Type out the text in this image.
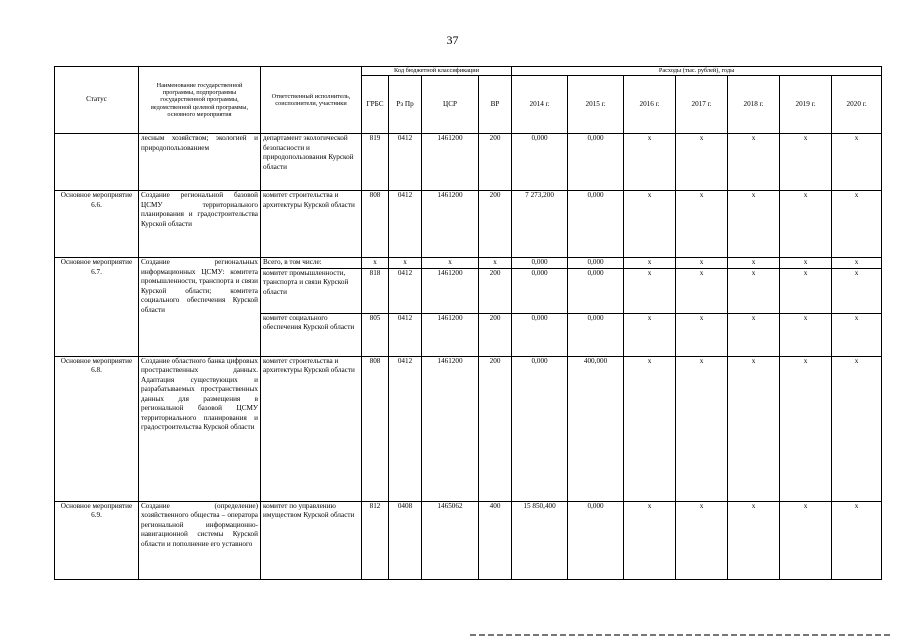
37
Статус	Наименование государственной программы, подпрограммы государственной программы, ведомственной целевой программы, основного мероприятия	Ответственный исполнитель, соисполнители, участники	Код бюджетной классификации				Расходы (тыс. рублей), годы						
			ГРБС	Рз Пр	ЦСР	ВР	2014 г.	2015 г.	2016 г.	2017 г.	2018 г.	2019 г.	2020 г.
	лесным хозяйством; экологией и природопользованием	департамент экологической безопасности и природопользования Курской области	819	0412	1461200	200	0,000	0,000	x	x	x	x	x
Основное мероприятие 6.6.	Создание региональной базовой ЦСМУ территориального планирования и градостроительства Курской области	комитет строительства и архитектуры Курской области	808	0412	1461200	200	7 273,200	0,000	x	x	x	x	x
Основное мероприятие 6.7.	Создание региональных информационных ЦСМУ: комитета промышленности, транспорта и связи Курской области; комитета социального обеспечения Курской области	Всего, в том числе:	x	x	x	x	0,000	0,000	x	x	x	x	x
		комитет промышленности, транспорта и связи Курской области	818	0412	1461200	200	0,000	0,000	x	x	x	x	x
		комитет социального обеспечения Курской области	805	0412	1461200	200	0,000	0,000	x	x	x	x	x
Основное мероприятие 6.8.	Создание областного банка цифровых пространственных данных. Адаптация существующих и разрабатываемых пространственных данных для размещения в региональной базовой ЦСМУ территориального планирования и градостроительства Курской области	комитет строительства и архитектуры Курской области	808	0412	1461200	200	0,000	400,000	x	x	x	x	x
Основное мероприятие 6.9.	Создание (определение) хозяйственного общества – оператора региональной информационно-навигационной системы Курской области и пополнение его уставного	комитет по управлению имуществом Курской области	812	0408	1465062	400	15 850,400	0,000	x	x	x	x	x
